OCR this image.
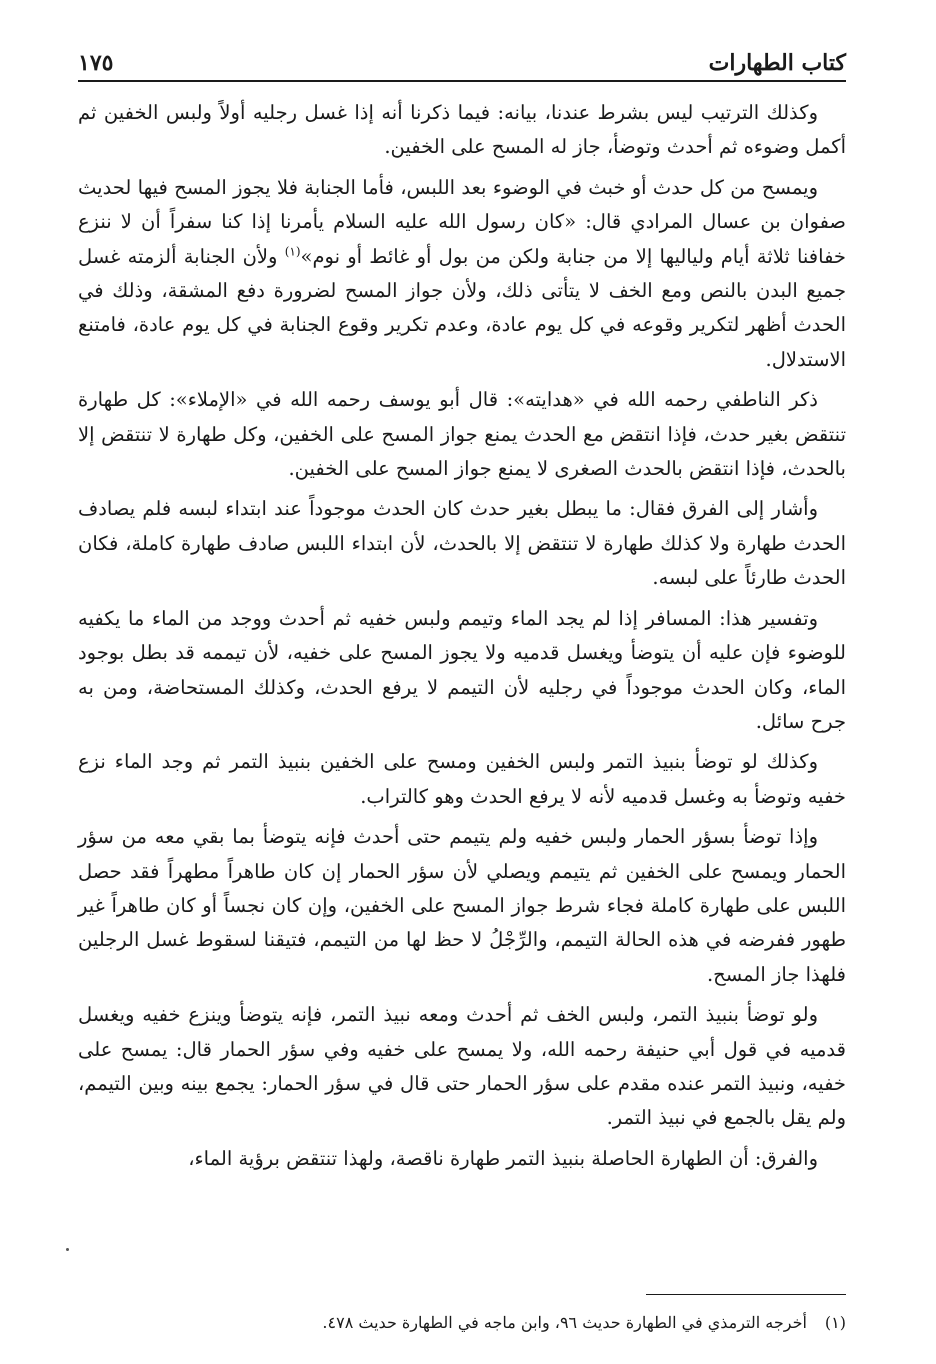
كتاب الطهارات
١٧٥

وكذلك الترتيب ليس بشرط عندنا، بيانه: فيما ذكرنا أنه إذا غسل رجليه أولاً ولبس الخفين ثم أكمل وضوءه ثم أحدث وتوضأ، جاز له المسح على الخفين.

ويمسح من كل حدث أو خبث في الوضوء بعد اللبس، فأما الجنابة فلا يجوز المسح فيها لحديث صفوان بن عسال المرادي قال: «كان رسول الله عليه السلام يأمرنا إذا كنا سفراً أن لا ننزع خفافنا ثلاثة أيام ولياليها إلا من جنابة ولكن من بول أو غائط أو نوم»$^{(١)}$ ولأن الجنابة ألزمته غسل جميع البدن بالنص ومع الخف لا يتأتى ذلك، ولأن جواز المسح لضرورة دفع المشقة، وذلك في الحدث أظهر لتكرير وقوعه في كل يوم عادة، وعدم تكرير وقوع الجنابة في كل يوم عادة، فامتنع الاستدلال.

ذكر الناطفي رحمه الله في «هدايته»: قال أبو يوسف رحمه الله في «الإملاء»: كل طهارة تنتقض بغير حدث، فإذا انتقض مع الحدث يمنع جواز المسح على الخفين، وكل طهارة لا تنتقض إلا بالحدث، فإذا انتقض بالحدث الصغرى لا يمنع جواز المسح على الخفين.

وأشار إلى الفرق فقال: ما يبطل بغير حدث كان الحدث موجوداً عند ابتداء لبسه فلم يصادف الحدث طهارة ولا كذلك طهارة لا تنتقض إلا بالحدث، لأن ابتداء اللبس صادف طهارة كاملة، فكان الحدث طارئاً على لبسه.

وتفسير هذا: المسافر إذا لم يجد الماء وتيمم ولبس خفيه ثم أحدث ووجد من الماء ما يكفيه للوضوء فإن عليه أن يتوضأ ويغسل قدميه ولا يجوز المسح على خفيه، لأن تيممه قد بطل بوجود الماء، وكان الحدث موجوداً في رجليه لأن التيمم لا يرفع الحدث، وكذلك المستحاضة، ومن به جرح سائل.

وكذلك لو توضأ بنبيذ التمر ولبس الخفين ومسح على الخفين بنبيذ التمر ثم وجد الماء نزع خفيه وتوضأ به وغسل قدميه لأنه لا يرفع الحدث وهو كالتراب.

وإذا توضأ بسؤر الحمار ولبس خفيه ولم يتيمم حتى أحدث فإنه يتوضأ بما بقي معه من سؤر الحمار ويمسح على الخفين ثم يتيمم ويصلي لأن سؤر الحمار إن كان طاهراً مطهراً فقد حصل اللبس على طهارة كاملة فجاء شرط جواز المسح على الخفين، وإن كان نجساً أو كان طاهراً غير طهور ففرضه في هذه الحالة التيمم، والرِّجْلُ لا حظ لها من التيمم، فتيقنا لسقوط غسل الرجلين فلهذا جاز المسح.

ولو توضأ بنبيذ التمر، ولبس الخف ثم أحدث ومعه نبيذ التمر، فإنه يتوضأ وينزع خفيه ويغسل قدميه في قول أبي حنيفة رحمه الله، ولا يمسح على خفيه وفي سؤر الحمار قال: يمسح على خفيه، ونبيذ التمر عنده مقدم على سؤر الحمار حتى قال في سؤر الحمار: يجمع بينه وبين التيمم، ولم يقل بالجمع في نبيذ التمر.

والفرق: أن الطهارة الحاصلة بنبيذ التمر طهارة ناقصة، ولهذا تنتقض برؤية الماء،

(١)
أخرجه الترمذي في الطهارة حديث ٩٦، وابن ماجه في الطهارة حديث ٤٧٨.
